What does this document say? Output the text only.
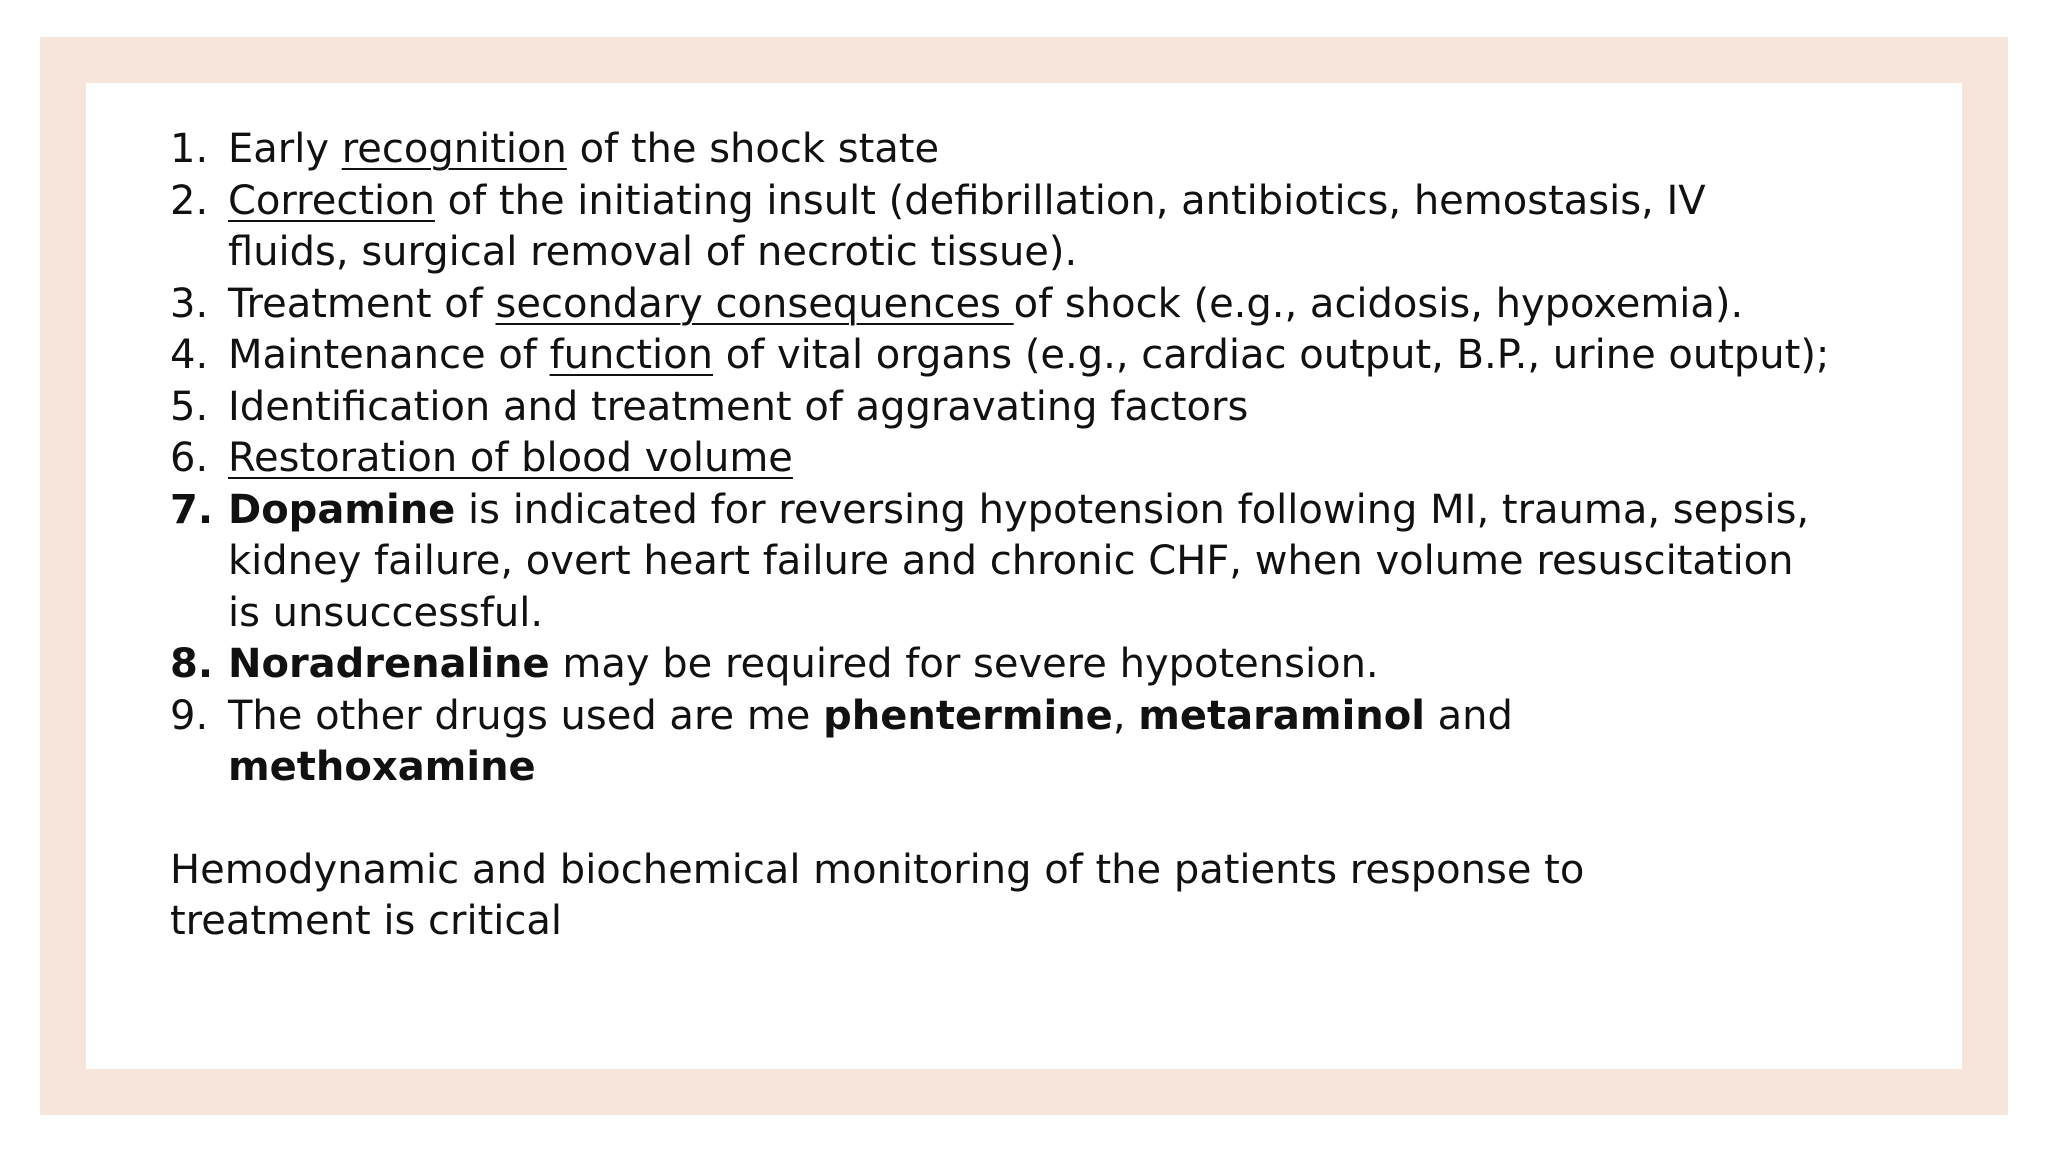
1. Early recognition of the shock state
2. Correction of the initiating insult (defibrillation, antibiotics, hemostasis, IV fluids, surgical removal of necrotic tissue).
3. Treatment of secondary consequences of shock (e.g., acidosis, hypoxemia).
4. Maintenance of function of vital organs (e.g., cardiac output, B.P., urine output);
5. Identification and treatment of aggravating factors
6. Restoration of blood volume
7. Dopamine is indicated for reversing hypotension following MI, trauma, sepsis, kidney failure, overt heart failure and chronic CHF, when volume resuscitation is unsuccessful.
8. Noradrenaline may be required for severe hypotension.
9. The other drugs used are me phentermine, metaraminol and methoxamine
Hemodynamic and biochemical monitoring of the patients response to treatment is critical
